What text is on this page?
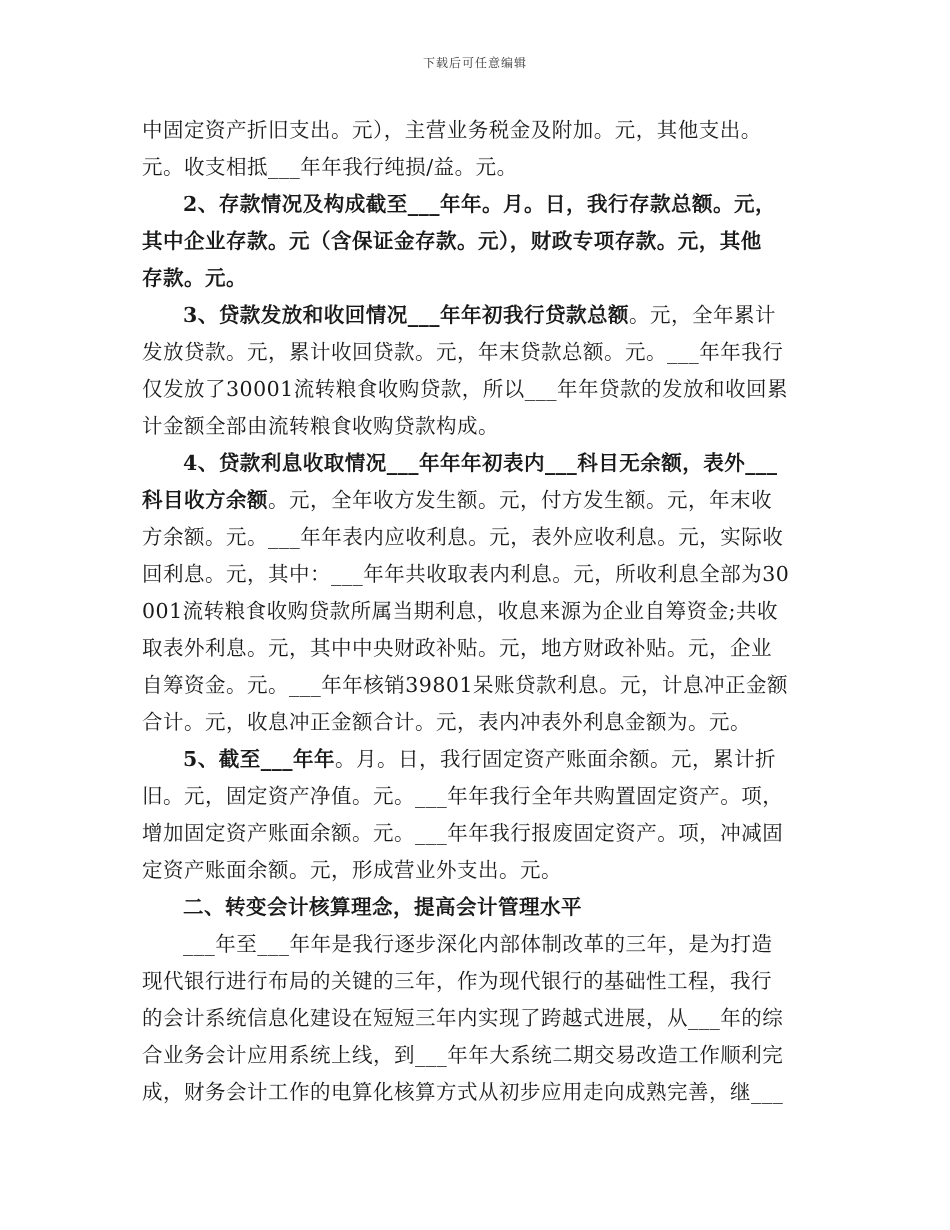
下载后可任意编辑
中固定资产折旧支出。元），主营业务税金及附加。元，其他支出。
元。收支相抵___年年我行纯损/益。元。
2、存款情况及构成截至___年年。月。日，我行存款总额。元，
其中企业存款。元（含保证金存款。元），财政专项存款。元，其他
存款。元。
3、贷款发放和收回情况___年年初我行贷款总额。元，全年累计
发放贷款。元，累计收回贷款。元，年末贷款总额。元。___年年我行
仅发放了30001流转粮食收购贷款，所以___年年贷款的发放和收回累
计金额全部由流转粮食收购贷款构成。
4、贷款利息收取情况___年年年初表内___科目无余额，表外___
科目收方余额。元，全年收方发生额。元，付方发生额。元，年末收
方余额。元。___年年表内应收利息。元，表外应收利息。元，实际收
回利息。元，其中：___年年共收取表内利息。元，所收利息全部为30
001流转粮食收购贷款所属当期利息，收息来源为企业自筹资金;共收
取表外利息。元，其中中央财政补贴。元，地方财政补贴。元，企业
自筹资金。元。___年年核销39801呆账贷款利息。元，计息冲正金额
合计。元，收息冲正金额合计。元，表内冲表外利息金额为。元。
5、截至___年年。月。日，我行固定资产账面余额。元，累计折
旧。元，固定资产净值。元。___年年我行全年共购置固定资产。项，
增加固定资产账面余额。元。___年年我行报废固定资产。项，冲减固
定资产账面余额。元，形成营业外支出。元。
二、转变会计核算理念，提高会计管理水平
___年至___年年是我行逐步深化内部体制改革的三年，是为打造
现代银行进行布局的关键的三年，作为现代银行的基础性工程，我行
的会计系统信息化建设在短短三年内实现了跨越式进展，从___年的综
合业务会计应用系统上线，到___年年大系统二期交易改造工作顺利完
成，财务会计工作的电算化核算方式从初步应用走向成熟完善，继___
